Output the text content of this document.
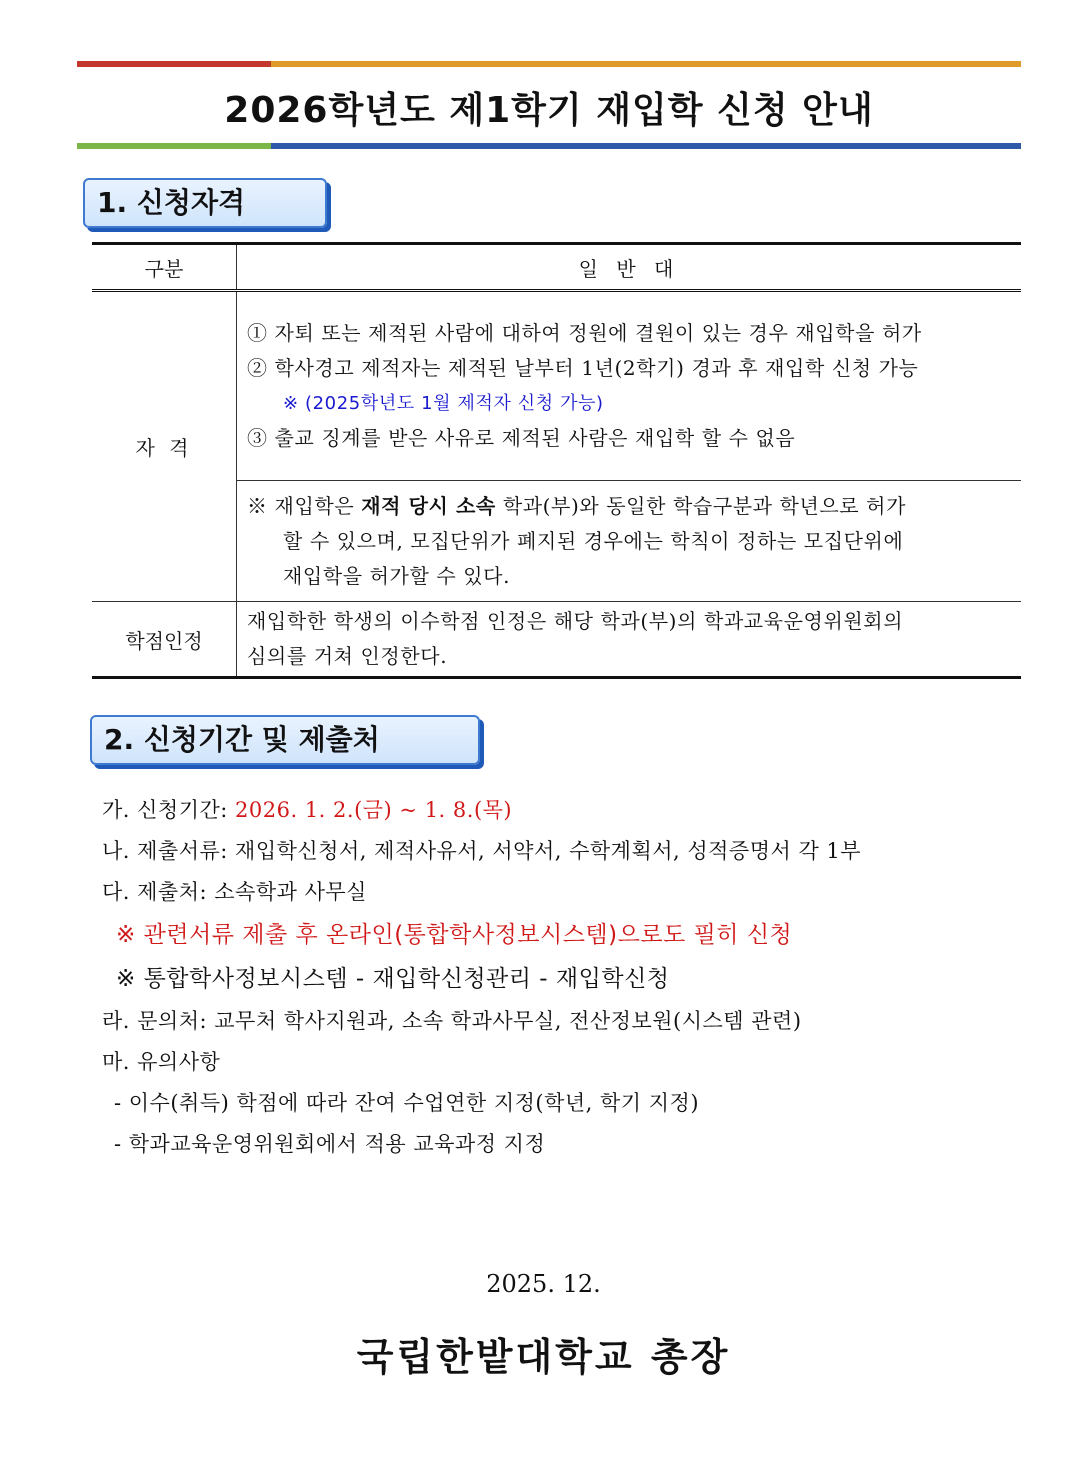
2026학년도 제1학기 재입학 신청 안내
1. 신청자격
구분	일 반 대
자 격	① 자퇴 또는 제적된 사람에 대하여 정원에 결원이 있는 경우 재입학을 허가
② 학사경고 제적자는 제적된 날부터 1년(2학기) 경과 후 재입학 신청 가능
※ (2025학년도 1월 제적자 신청 가능)
③ 출교 징계를 받은 사유로 제적된 사람은 재입학 할 수 없음

	※ 재입학은 재적 당시 소속 학과(부)와 동일한 학습구분과 학년으로 허가
할 수 있으며, 모집단위가 폐지된 경우에는 학칙이 정하는 모집단위에
재입학을 허가할 수 있다.

학점인정	재입학한 학생의 이수학점 인정은 해당 학과(부)의 학과교육운영위원회의
심의를 거쳐 인정한다.
2. 신청기간 및 제출처
가. 신청기간: 2026. 1. 2.(금) ~ 1. 8.(목)
나. 제출서류: 재입학신청서, 제적사유서, 서약서, 수학계획서, 성적증명서 각 1부
다. 제출처: 소속학과 사무실
※ 관련서류 제출 후 온라인(통합학사정보시스템)으로도 필히 신청
※ 통합학사정보시스템 - 재입학신청관리 - 재입학신청
라. 문의처: 교무처 학사지원과, 소속 학과사무실, 전산정보원(시스템 관련)
마. 유의사항
- 이수(취득) 학점에 따라 잔여 수업연한 지정(학년, 학기 지정)
- 학과교육운영위원회에서 적용 교육과정 지정
2025. 12.
국립한밭대학교 총장
